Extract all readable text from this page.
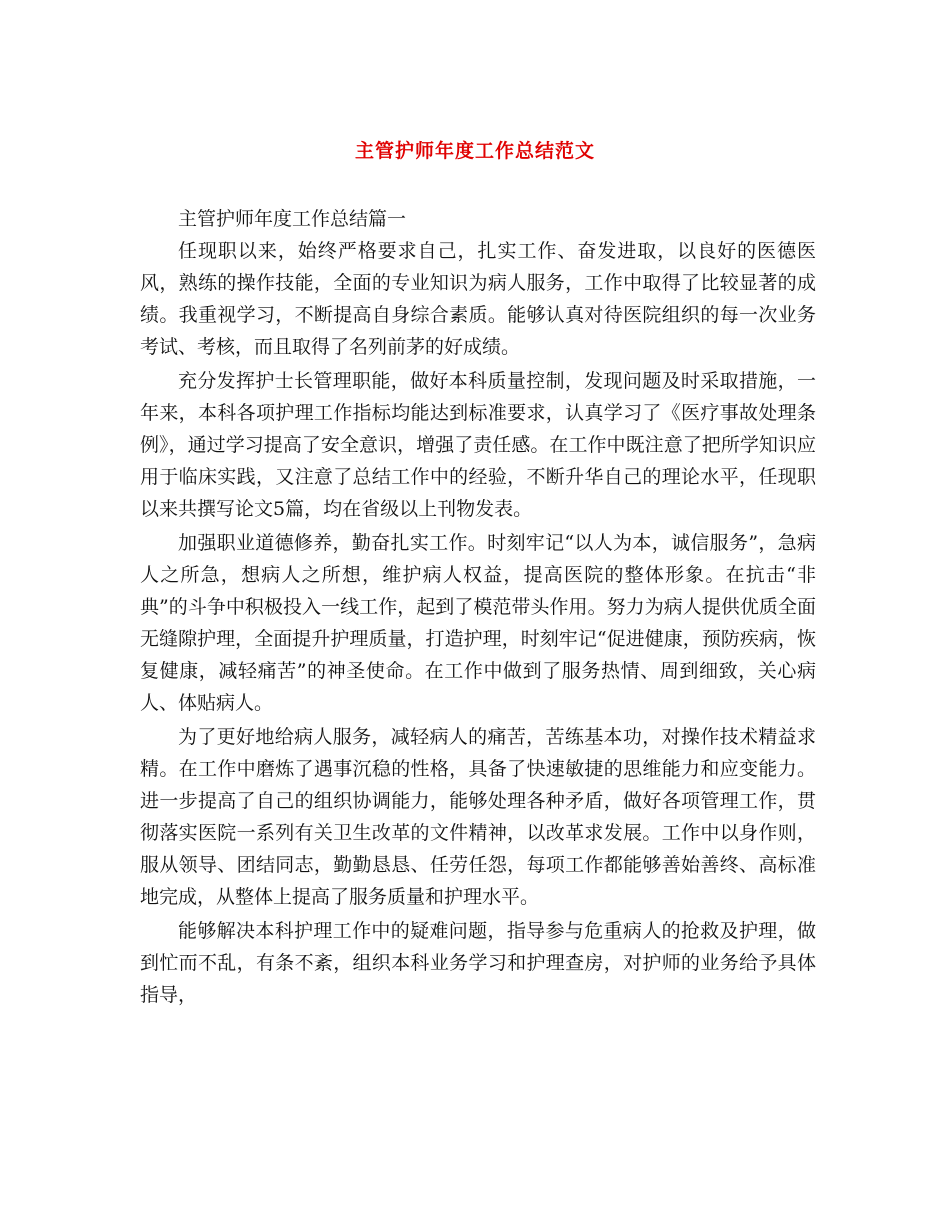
主管护师年度工作总结范文

主管护师年度工作总结篇一

任现职以来，始终严格要求自己，扎实工作、奋发进取，以良好的医德医风，熟练的操作技能，全面的专业知识为病人服务，工作中取得了比较显著的成绩。我重视学习，不断提高自身综合素质。能够认真对待医院组织的每一次业务考试、考核，而且取得了名列前茅的好成绩。

充分发挥护士长管理职能，做好本科质量控制，发现问题及时采取措施，一年来，本科各项护理工作指标均能达到标准要求，认真学习了《医疗事故处理条例》，通过学习提高了安全意识，增强了责任感。在工作中既注意了把所学知识应用于临床实践，又注意了总结工作中的经验，不断升华自己的理论水平，任现职以来共撰写论文5篇，均在省级以上刊物发表。

加强职业道德修养，勤奋扎实工作。时刻牢记“以人为本，诚信服务”，急病人之所急，想病人之所想，维护病人权益，提高医院的整体形象。在抗击“非典”的斗争中积极投入一线工作，起到了模范带头作用。努力为病人提供优质全面无缝隙护理，全面提升护理质量，打造护理，时刻牢记“促进健康，预防疾病，恢复健康，减轻痛苦”的神圣使命。在工作中做到了服务热情、周到细致，关心病人、体贴病人。

为了更好地给病人服务，减轻病人的痛苦，苦练基本功，对操作技术精益求精。在工作中磨炼了遇事沉稳的性格，具备了快速敏捷的思维能力和应变能力。进一步提高了自己的组织协调能力，能够处理各种矛盾，做好各项管理工作，贯彻落实医院一系列有关卫生改革的文件精神，以改革求发展。工作中以身作则，服从领导、团结同志，勤勤恳恳、任劳任怨，每项工作都能够善始善终、高标准地完成，从整体上提高了服务质量和护理水平。

能够解决本科护理工作中的疑难问题，指导参与危重病人的抢救及护理，做到忙而不乱，有条不紊，组织本科业务学习和护理查房，对护师的业务给予具体指导，
